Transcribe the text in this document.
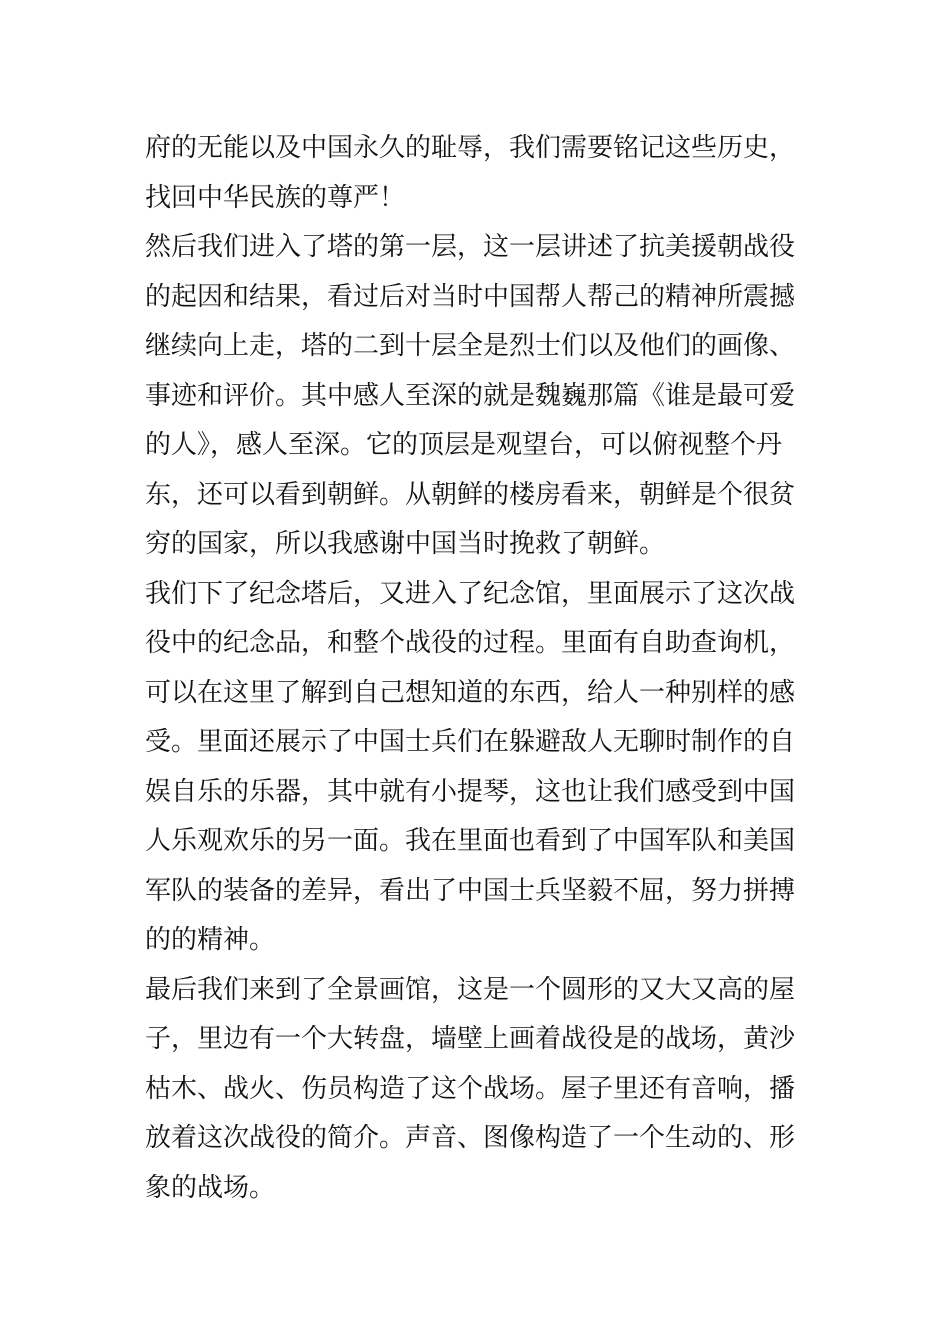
府的无能以及中国永久的耻辱，我们需要铭记这些历史，
找回中华民族的尊严！
然后我们进入了塔的第一层，这一层讲述了抗美援朝战役
的起因和结果，看过后对当时中国帮人帮己的精神所震撼
继续向上走，塔的二到十层全是烈士们以及他们的画像、
事迹和评价。其中感人至深的就是魏巍那篇《谁是最可爱
的人》，感人至深。它的顶层是观望台，可以俯视整个丹
东，还可以看到朝鲜。从朝鲜的楼房看来，朝鲜是个很贫
穷的国家，所以我感谢中国当时挽救了朝鲜。
我们下了纪念塔后，又进入了纪念馆，里面展示了这次战
役中的纪念品，和整个战役的过程。里面有自助查询机，
可以在这里了解到自己想知道的东西，给人一种别样的感
受。里面还展示了中国士兵们在躲避敌人无聊时制作的自
娱自乐的乐器，其中就有小提琴，这也让我们感受到中国
人乐观欢乐的另一面。我在里面也看到了中国军队和美国
军队的装备的差异，看出了中国士兵坚毅不屈，努力拼搏
的的精神。
最后我们来到了全景画馆，这是一个圆形的又大又高的屋
子，里边有一个大转盘，墙壁上画着战役是的战场，黄沙
枯木、战火、伤员构造了这个战场。屋子里还有音响，播
放着这次战役的简介。声音、图像构造了一个生动的、形
象的战场。
